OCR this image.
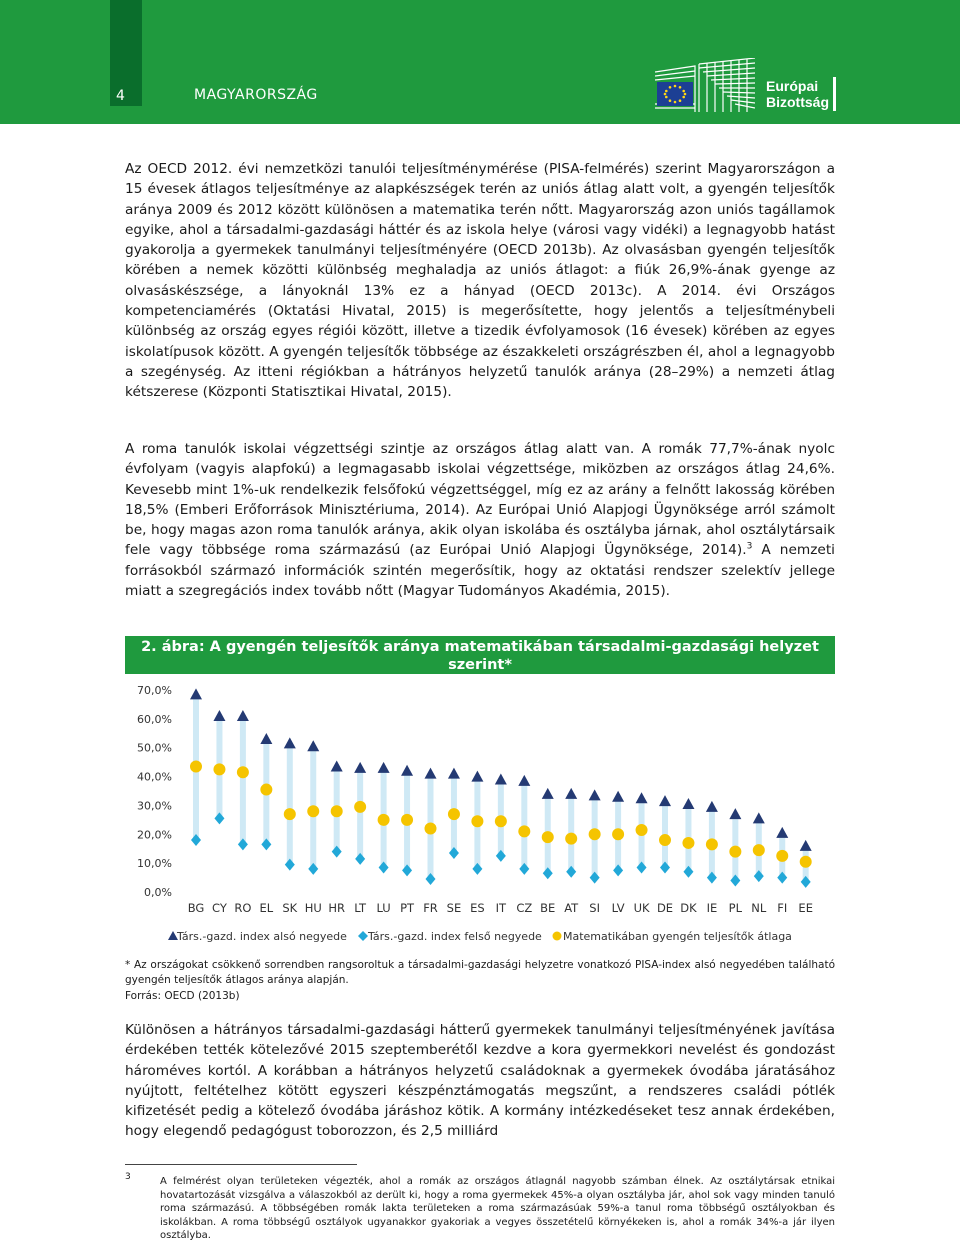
4	MAGYARORSZÁG
Európai
Bizottság

Az OECD 2012. évi nemzetközi tanulói teljesítménymérése (PISA-felmérés) szerint Magyarországon a 15 évesek átlagos teljesítménye az alapkészségek terén az uniós átlag alatt volt, a gyengén teljesítők aránya 2009 és 2012 között különösen a matematika terén nőtt. Magyarország azon uniós tagállamok egyike, ahol a társadalmi-gazdasági háttér és az iskola helye (városi vagy vidéki) a legnagyobb hatást gyakorolja a gyermekek tanulmányi teljesítményére (OECD 2013b). Az olvasásban gyengén teljesítők körében a nemek közötti különbség meghaladja az uniós átlagot: a fiúk 26,9%-ának gyenge az olvasáskészsége, a lányoknál 13% ez a hányad (OECD 2013c). A 2014. évi Országos kompetenciamérés (Oktatási Hivatal, 2015) is megerősítette, hogy jelentős a teljesítménybeli különbség az ország egyes régiói között, illetve a tizedik évfolyamosok (16 évesek) körében az egyes iskolatípusok között. A gyengén teljesítők többsége az északkeleti országrészben él, ahol a legnagyobb a szegénység. Az itteni régiókban a hátrányos helyzetű tanulók aránya (28–29%) a nemzeti átlag kétszerese (Központi Statisztikai Hivatal, 2015).

A roma tanulók iskolai végzettségi szintje az országos átlag alatt van. A romák 77,7%-ának nyolc évfolyam (vagyis alapfokú) a legmagasabb iskolai végzettsége, miközben az országos átlag 24,6%. Kevesebb mint 1%-uk rendelkezik felsőfokú végzettséggel, míg ez az arány a felnőtt lakosság körében 18,5% (Emberi Erőforrások Minisztériuma, 2014). Az Európai Unió Alapjogi Ügynöksége arról számolt be, hogy magas azon roma tanulók aránya, akik olyan iskolába és osztályba járnak, ahol osztálytársaik fele vagy többsége roma származású (az Európai Unió Alapjogi Ügynöksége, 2014).$^3$ A nemzeti forrásokból származó információk szintén megerősítik, hogy az oktatási rendszer szelektív jellege miatt a szegregációs index tovább nőtt (Magyar Tudományos Akadémia, 2015).

2. ábra: A gyengén teljesítők aránya matematikában társadalmi-gazdasági helyzet szerint*
0,0%
10,0%
20,0%
30,0%
40,0%
50,0%
60,0%
70,0%
BG CY RO EL SK HU HR LT LU PT FR SE ES IT CZ BE AT SI LV UK DE DK IE PL NL FI EE
Társ.-gazd. index alsó negyede Társ.-gazd. index felső negyede Matematikában gyengén teljesítők átlaga

* Az országokat csökkenő sorrendben rangsoroltuk a társadalmi-gazdasági helyzetre vonatkozó PISA-index alsó negyedében található gyengén teljesítők átlagos aránya alapján.

Forrás: OECD (2013b)

Különösen a hátrányos társadalmi-gazdasági hátterű gyermekek tanulmányi teljesítményének javítása érdekében tették kötelezővé 2015 szeptemberétől kezdve a kora gyermekkori nevelést és gondozást hároméves kortól. A korábban a hátrányos helyzetű családoknak a gyermekek óvodába járatásához nyújtott, feltételhez kötött egyszeri készpénztámogatás megszűnt, a rendszeres családi pótlék kifizetését pedig a kötelező óvodába járáshoz kötik. A kormány intézkedéseket tesz annak érdekében, hogy elegendő pedagógust toborozzon, és 2,5 milliárd

3	A felmérést olyan területeken végezték, ahol a romák az országos átlagnál nagyobb számban élnek. Az osztálytársak etnikai hovatartozását vizsgálva a válaszokból az derült ki, hogy a roma gyermekek 45%-a olyan osztályba jár, ahol sok vagy minden tanuló roma származású. A többségében romák lakta területeken a roma származásúak 59%-a tanul roma többségű osztályokban és iskolákban. A roma többségű osztályok ugyanakkor gyakoriak a vegyes összetételű környékeken is, ahol a romák 34%-a jár ilyen osztályba.
